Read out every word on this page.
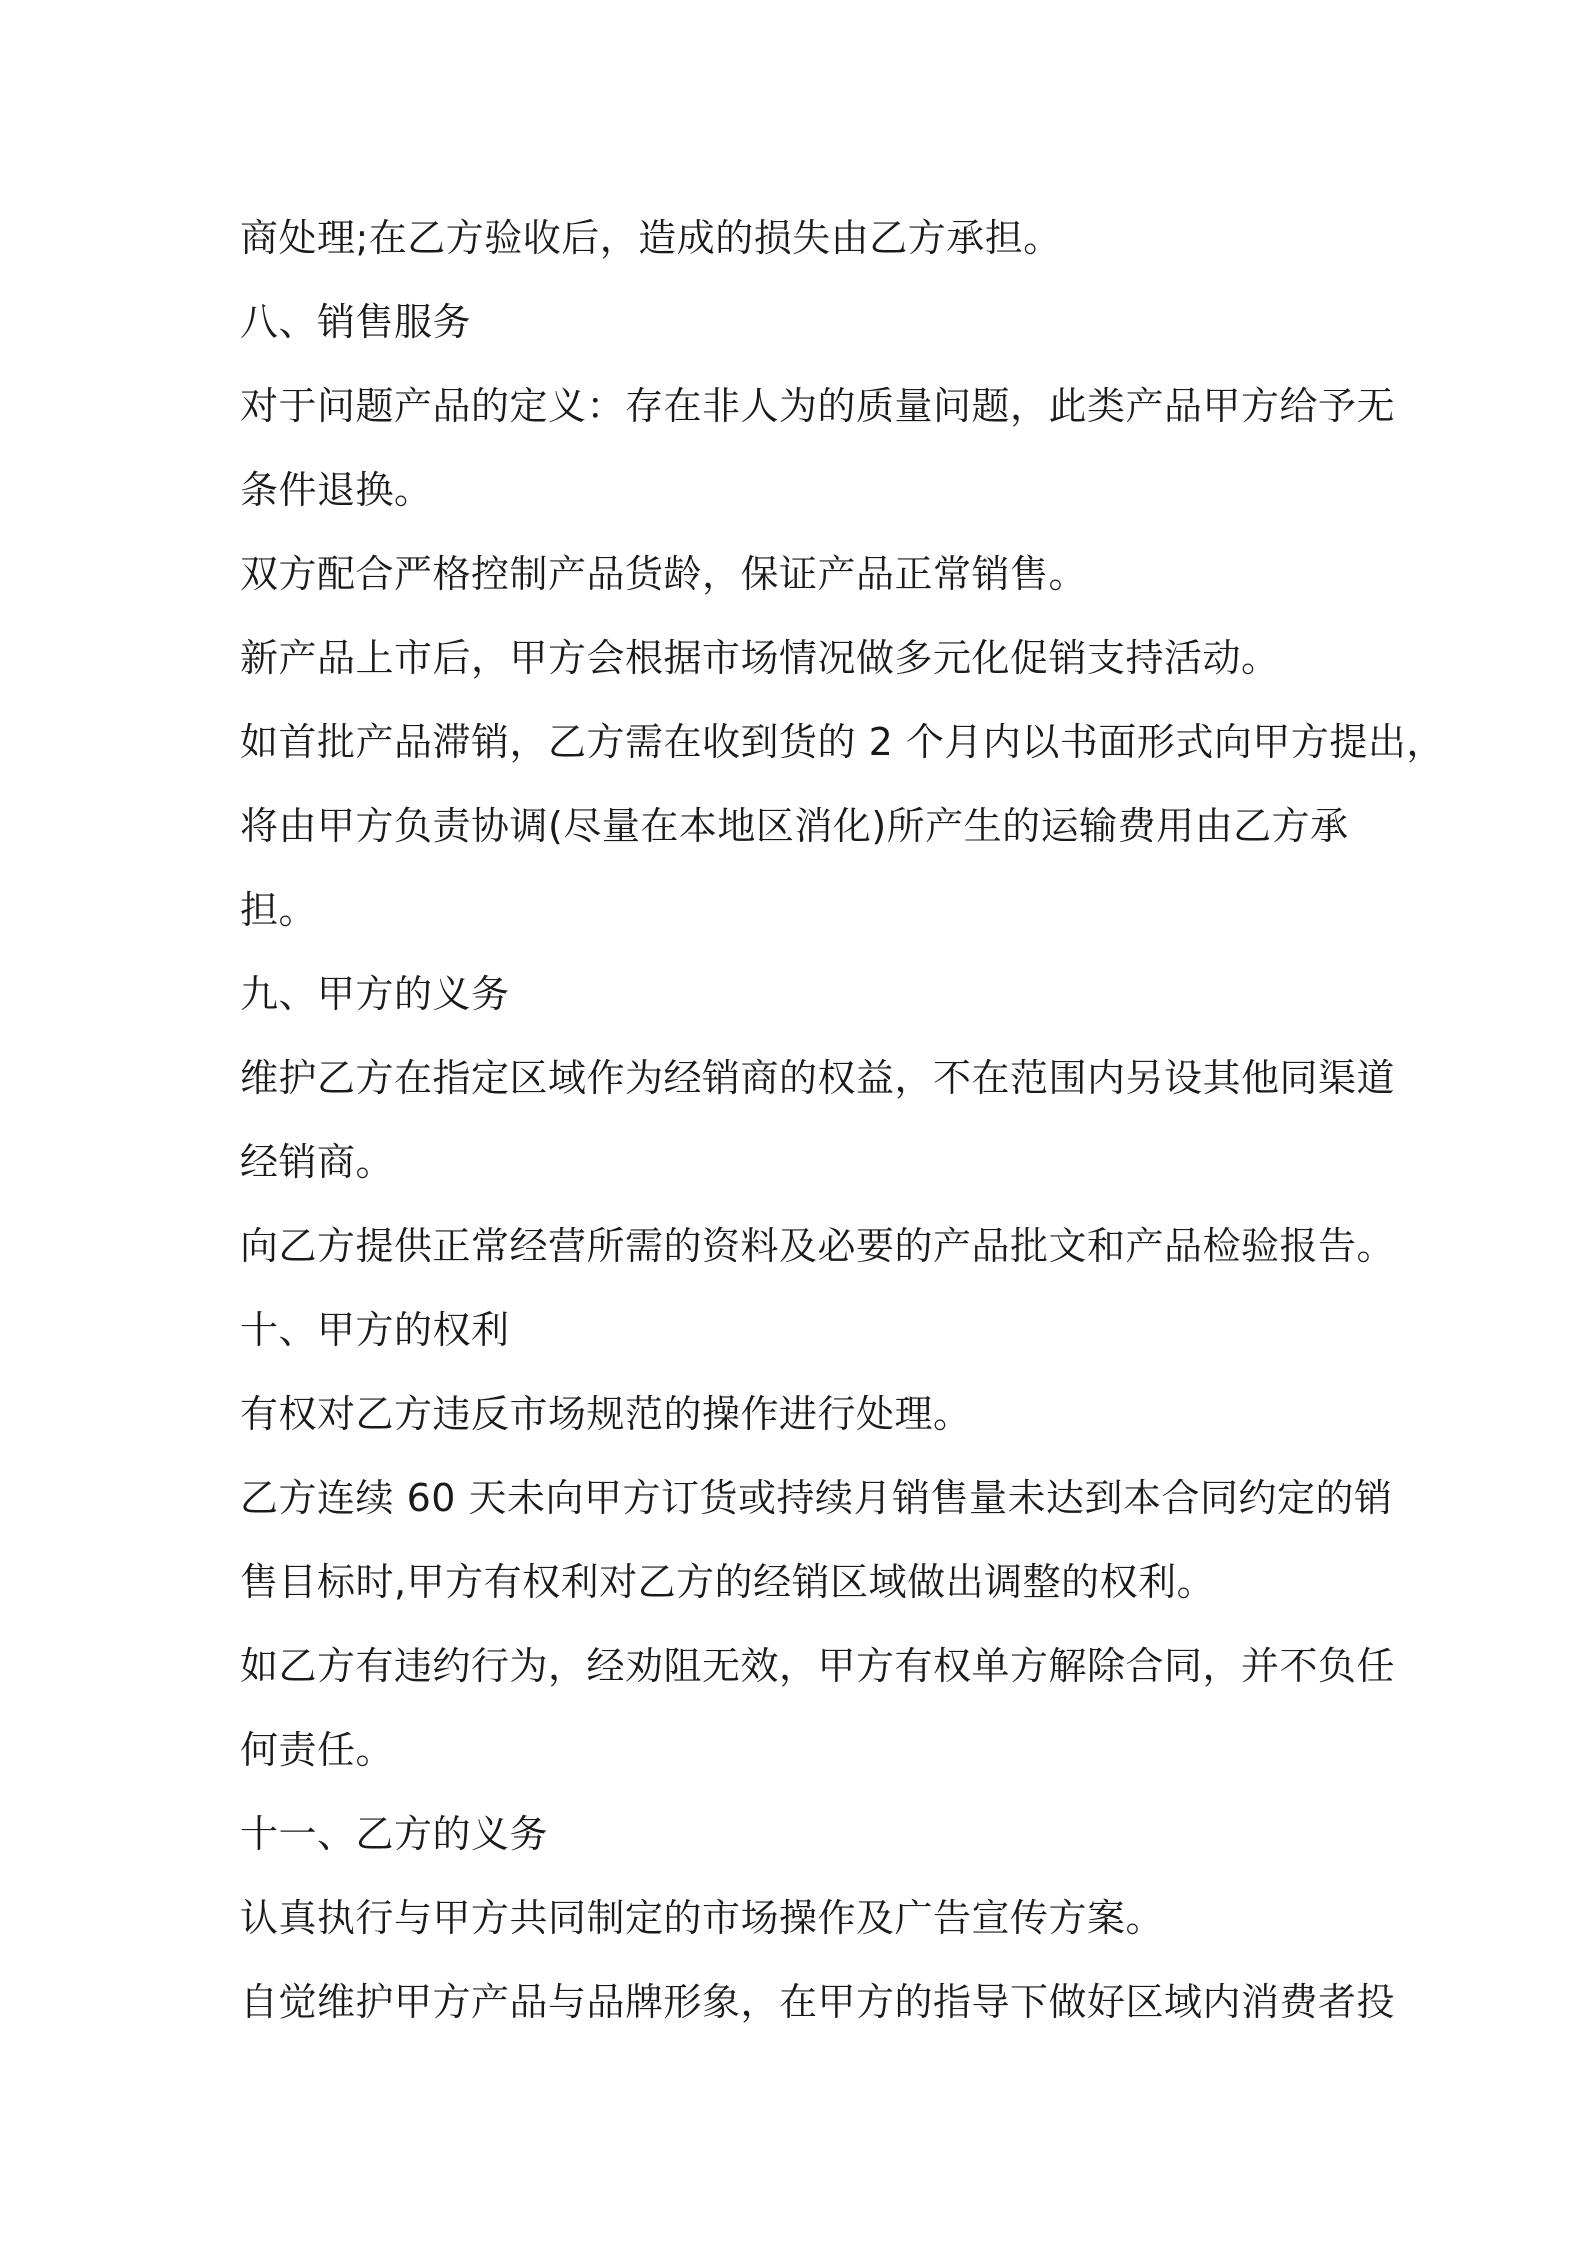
商处理;在乙方验收后，造成的损失由乙方承担。
八、销售服务
对于问题产品的定义：存在非人为的质量问题，此类产品甲方给予无
条件退换。
双方配合严格控制产品货龄，保证产品正常销售。
新产品上市后，甲方会根据市场情况做多元化促销支持活动。
如首批产品滞销，乙方需在收到货的 2 个月内以书面形式向甲方提出，
将由甲方负责协调(尽量在本地区消化)所产生的运输费用由乙方承
担。
九、甲方的义务
维护乙方在指定区域作为经销商的权益，不在范围内另设其他同渠道
经销商。
向乙方提供正常经营所需的资料及必要的产品批文和产品检验报告。
十、甲方的权利
有权对乙方违反市场规范的操作进行处理。
乙方连续 60 天未向甲方订货或持续月销售量未达到本合同约定的销
售目标时,甲方有权利对乙方的经销区域做出调整的权利。
如乙方有违约行为，经劝阻无效，甲方有权单方解除合同，并不负任
何责任。
十一、乙方的义务
认真执行与甲方共同制定的市场操作及广告宣传方案。
自觉维护甲方产品与品牌形象，在甲方的指导下做好区域内消费者投
